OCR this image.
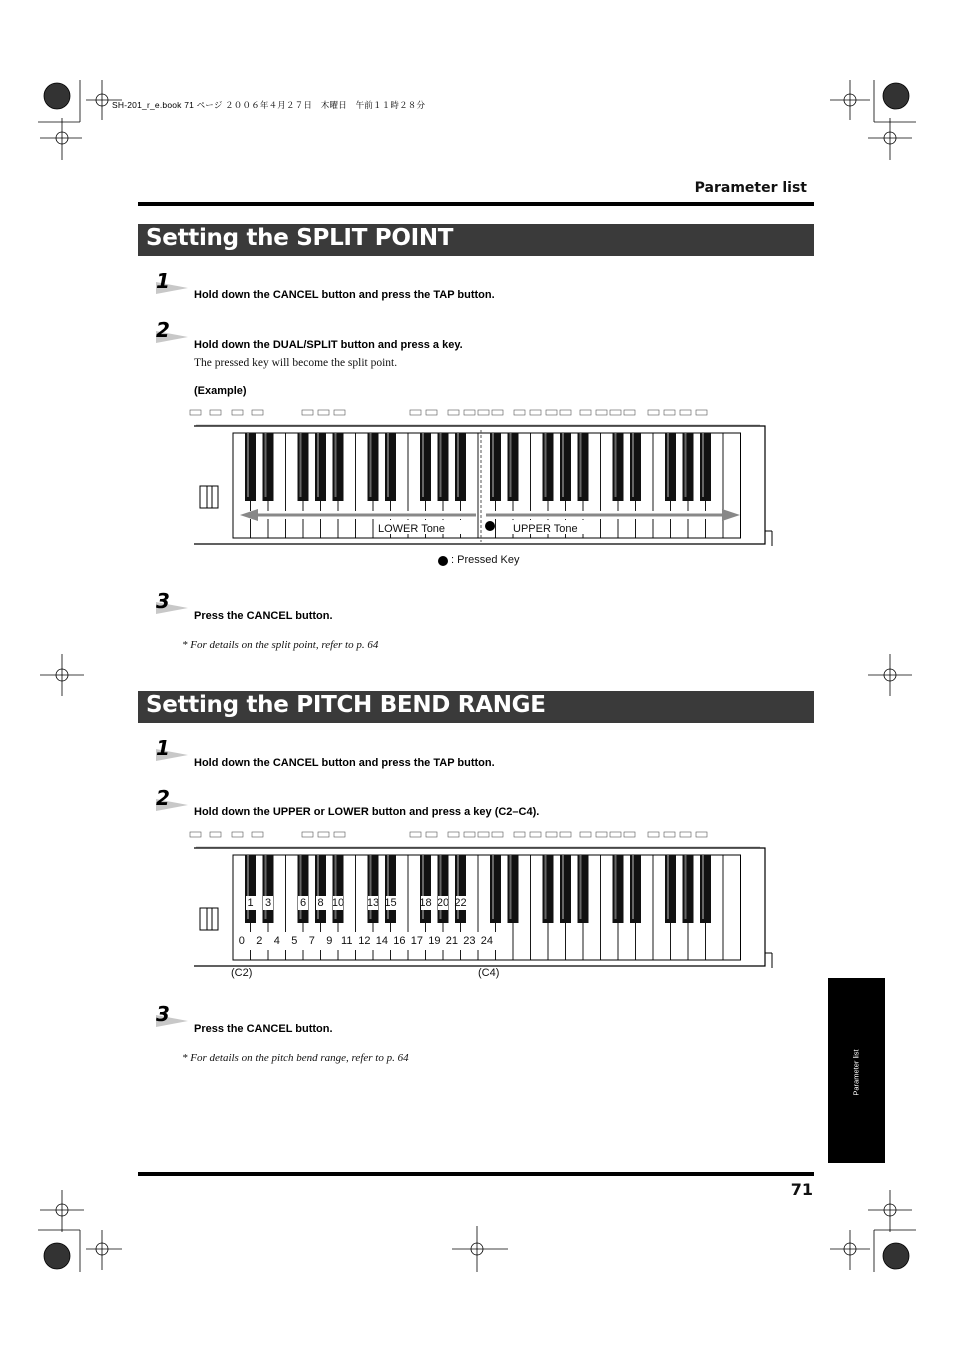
SH-201_r_e.book 71 ページ ２００６年４月２７日　木曜日　午前１１時２８分
Parameter list
Setting the SPLIT POINT
1
Hold down the CANCEL button and press the TAP button.
2
Hold down the DUAL/SPLIT button and press a key.
The pressed key will become the split point.
(Example)
LOWER Tone	UPPER Tone
: Pressed Key
3
Press the CANCEL button.
* For details on the split point, refer to p. 64
Setting the PITCH BEND RANGE
1
Hold down the CANCEL button and press the TAP button.
2
Hold down the UPPER or LOWER button and press a key (C2–C4).
0 2 4 5 7 9 11 12 14 16 17 19 21 23 24
1	3	6	8 10 13 15 18 20 22
(C2)	(C4)
3
Press the CANCEL button.
* For details on the pitch bend range, refer to p. 64	Parameter list
71
